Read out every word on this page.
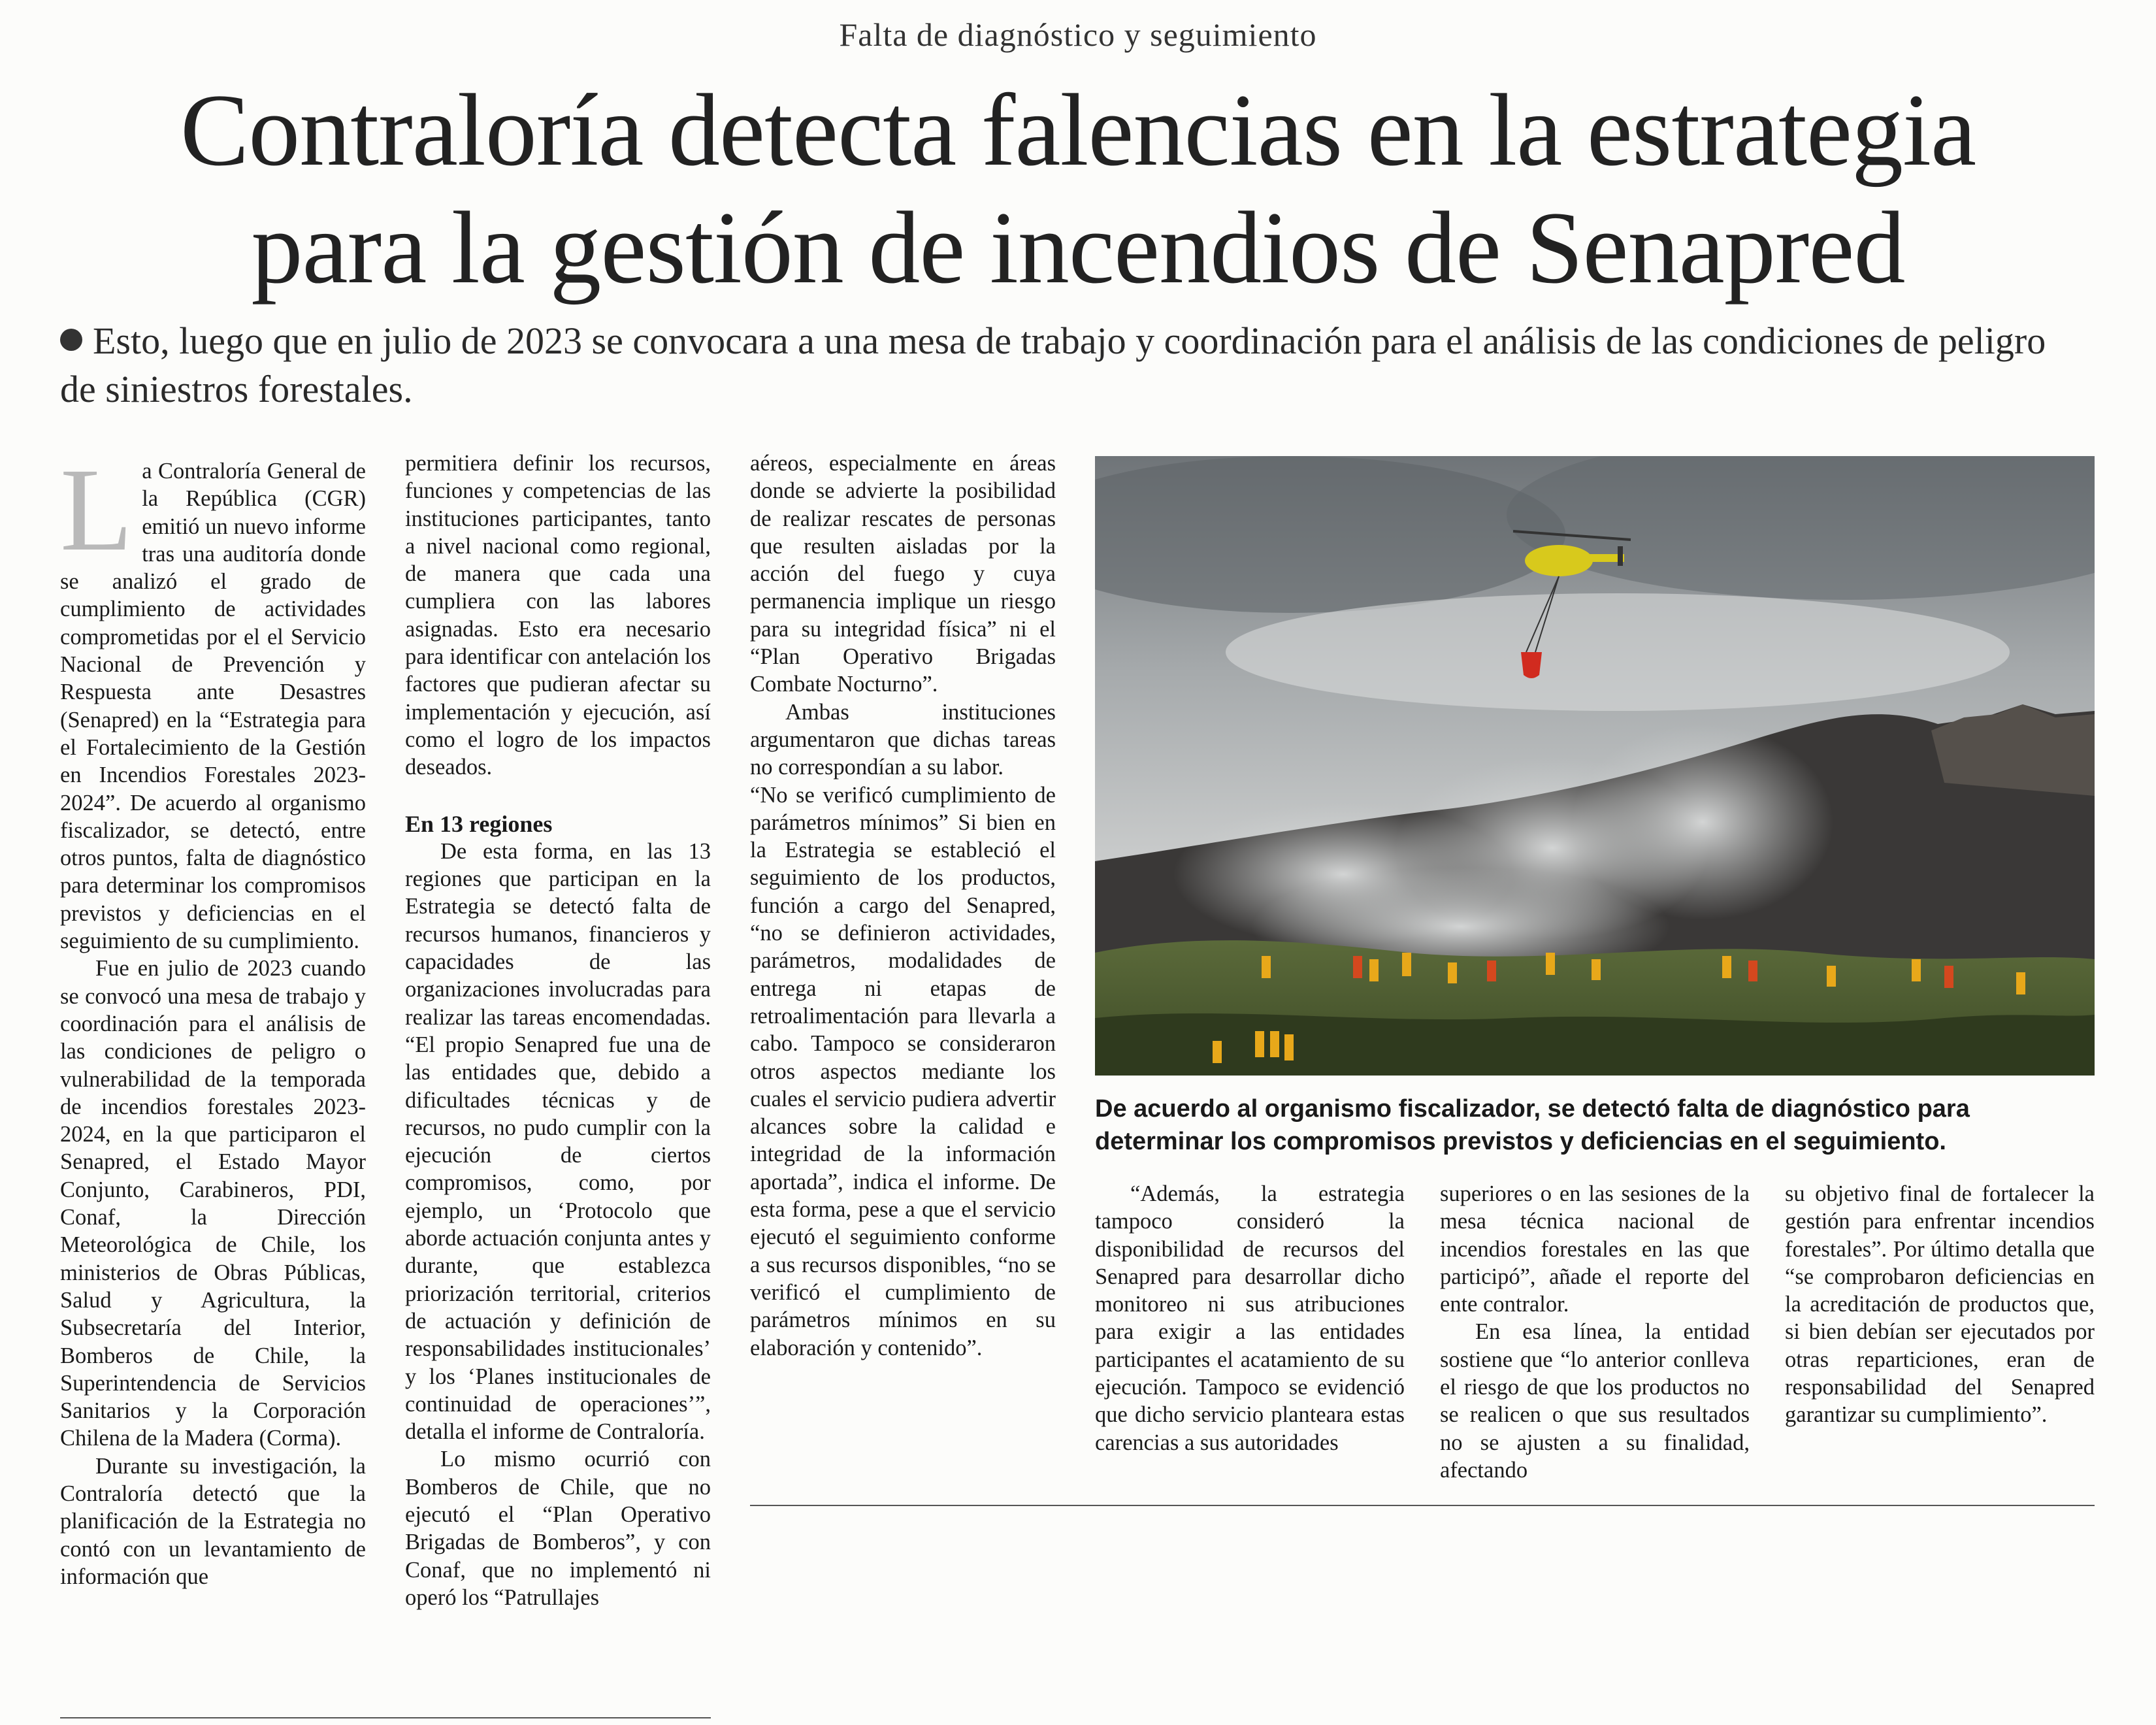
Falta de diagnóstico y seguimiento
Contraloría detecta falencias en la estrategia
para la gestión de incendios de Senapred
Esto, luego que en julio de 2023 se convocara a una mesa de trabajo y coordinación para el análisis de las condiciones de peligro de siniestros forestales.
L a Contraloría General de la República (CGR) emitió un nuevo informe tras una auditoría donde se analizó el grado de cumplimiento de actividades comprometidas por el el Servicio Nacional de Prevención y Respuesta ante Desastres (Senapred) en la “Estrategia para el Fortalecimiento de la Gestión en Incendios Forestales 2023-2024”. De acuerdo al organismo fiscalizador, se detectó, entre otros puntos, falta de diagnóstico para determinar los compromisos previstos y deficiencias en el seguimiento de su cumplimiento.

Fue en julio de 2023 cuando se convocó una mesa de trabajo y coordinación para el análisis de las condiciones de peligro o vulnerabilidad de la temporada de incendios forestales 2023-2024, en la que participaron el Senapred, el Estado Mayor Conjunto, Carabineros, PDI, Conaf, la Dirección Meteorológica de Chile, los ministerios de Obras Públicas, Salud y Agricultura, la Subsecretaría del Interior, Bomberos de Chile, la Superintendencia de Servicios Sanitarios y la Corporación Chilena de la Madera (Corma).

Durante su investigación, la Contraloría detectó que la planificación de la Estrategia no contó con un levantamiento de información que

permitiera definir los recursos, funciones y competencias de las instituciones participantes, tanto a nivel nacional como regional, de manera que cada una cumpliera con las labores asignadas. Esto era necesario para identificar con antelación los factores que pudieran afectar su implementación y ejecución, así como el logro de los impactos deseados.

En 13 regiones

De esta forma, en las 13 regiones que participan en la Estrategia se detectó falta de recursos humanos, financieros y capacidades de las organizaciones involucradas para realizar las tareas encomendadas. “El propio Senapred fue una de las entidades que, debido a dificultades técnicas y de recursos, no pudo cumplir con la ejecución de ciertos compromisos, como, por ejemplo, un ‘Protocolo que aborde actuación conjunta antes y durante, que establezca priorización territorial, criterios de actuación y definición de responsabilidades institucionales’ y los ‘Planes institucionales de continuidad de operaciones’”, detalla el informe de Contraloría.

Lo mismo ocurrió con Bomberos de Chile, que no ejecutó el “Plan Operativo Brigadas de Bomberos”, y con Conaf, que no implementó ni operó los “Patrullajes

aéreos, especialmente en áreas donde se advierte la posibilidad de realizar rescates de personas que resulten aisladas por la acción del fuego y cuya permanencia implique un riesgo para su integridad física” ni el “Plan Operativo Brigadas Combate Nocturno”.

Ambas instituciones argumentaron que dichas tareas no correspondían a su labor.

“No se verificó cumplimiento de parámetros mínimos” Si bien en la Estrategia se estableció el seguimiento de los productos, función a cargo del Senapred, “no se definieron actividades, parámetros, modalidades de entrega ni etapas de retroalimentación para llevarla a cabo. Tampoco se consideraron otros aspectos mediante los cuales el servicio pudiera advertir alcances sobre la calidad e integridad de la información aportada”, indica el informe. De esta forma, pese a que el servicio ejecutó el seguimiento conforme a sus recursos disponibles, “no se verificó el cumplimiento de parámetros mínimos en su elaboración y contenido”.

De acuerdo al organismo fiscalizador, se detectó falta de diagnóstico para determinar los compromisos previstos y deficiencias en el seguimiento.

“Además, la estrategia tampoco consideró la disponibilidad de recursos del Senapred para desarrollar dicho monitoreo ni sus atribuciones para exigir a las entidades participantes el acatamiento de su ejecución. Tampoco se evidenció que dicho servicio planteara estas carencias a sus autoridades

superiores o en las sesiones de la mesa técnica nacional de incendios forestales en las que participó”, añade el reporte del ente contralor.

En esa línea, la entidad sostiene que “lo anterior conlleva el riesgo de que los productos no se realicen o que sus resultados no se ajusten a su finalidad, afectando

su objetivo final de fortalecer la gestión para enfrentar incendios forestales”. Por último detalla que “se comprobaron deficiencias en la acreditación de productos que, si bien debían ser ejecutados por otras reparticiones, eran de responsabilidad del Senapred garantizar su cumplimiento”.
